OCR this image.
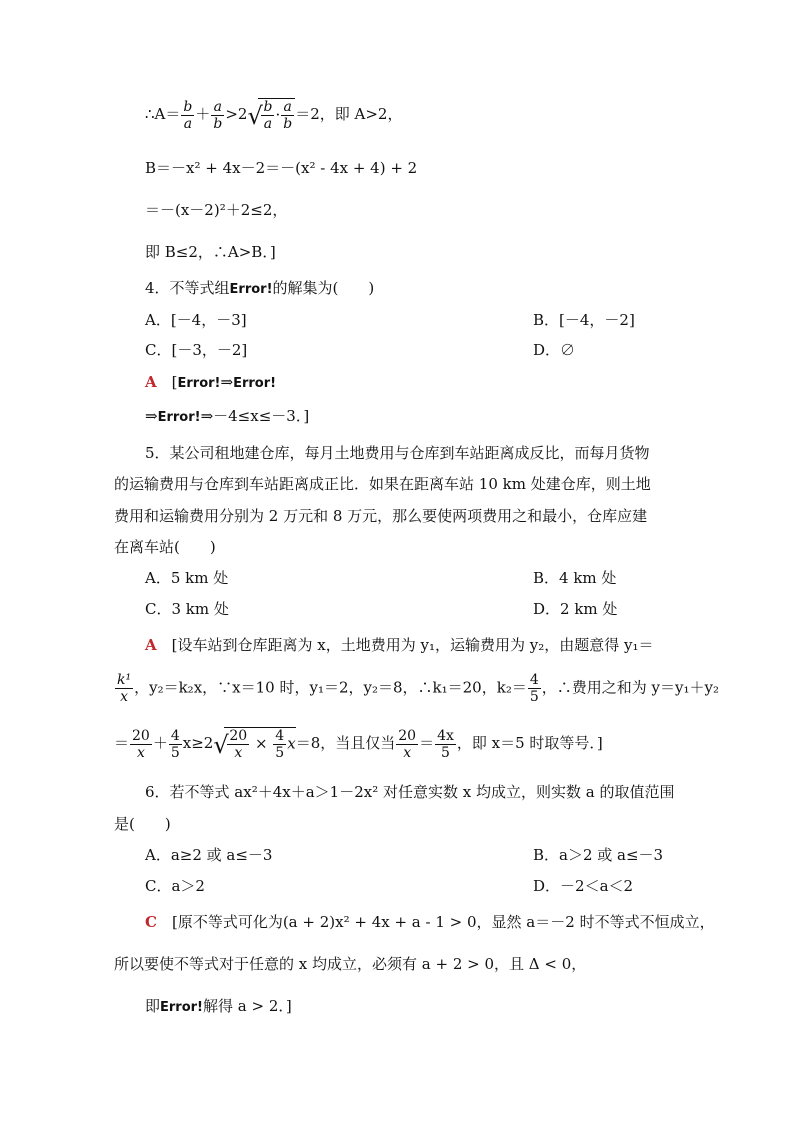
∴A＝ $\frac{b}{a} + \frac{a}{b} >2$ √
$\frac{b}{a} \cdot \frac{a}{b} =2$，即 A>2，
B＝－x² + 4x－2＝－(x² - 4x + 4) + 2
＝－(x－2)²＋2≤2，
即 B≤2，∴A>B．]
4．不等式组Error!的解集为(　　)
A．[－4，－3]	B．[－4，－2]
C．[－3，－2]	D．∅
A　 [Error!⇒Error!
⇒Error!⇒－4≤x≤－3．]
5．某公司租地建仓库，每月土地费用与仓库到车站距离成反比，而每月货物
的运输费用与仓库到车站距离成正比．如果在距离车站 10 km 处建仓库，则土地
费用和运输费用分别为 2 万元和 8 万元，那么要使两项费用之和最小，仓库应建
在离车站(　　)
A．5 km 处	B．4 km 处
C．3 km 处	D．2 km 处
A　 [设车站到仓库距离为 x，土地费用为 y₁，运输费用为 y₂，由题意得 y₁＝
$\frac{\text{k¹}}{x}$ ，y₂＝k₂x，∵x＝10 时，y₁＝2，y₂＝8，∴k₁＝20，$k_2= \frac{4}{5}$ ，∴费用之和为 y＝y₁＋y₂
＝ $\frac{20}{x} + \frac{4}{5} x\ge 2$ √
$\frac{20}{x} \times \frac{4}{5} x=8$，当且仅当 $\frac{20}{x} = \frac{4x}{5}$ ，即 x＝5 时取等号．]
6．若不等式 ax²＋4x＋a＞1－2x² 对任意实数 x 均成立，则实数 a 的取值范围
是(　　)
A．a≥2 或 a≤－3	B．a＞2 或 a≤－3
C．a＞2	D．－2＜a＜2
C　 [原不等式可化为(a + 2)x² + 4x + a - 1 > 0，显然 a＝－2 时不等式不恒成立，
所以要使不等式对于任意的 x 均成立，必须有 a + 2 > 0，且 Δ < 0，
即Error!解得 a > 2．]
